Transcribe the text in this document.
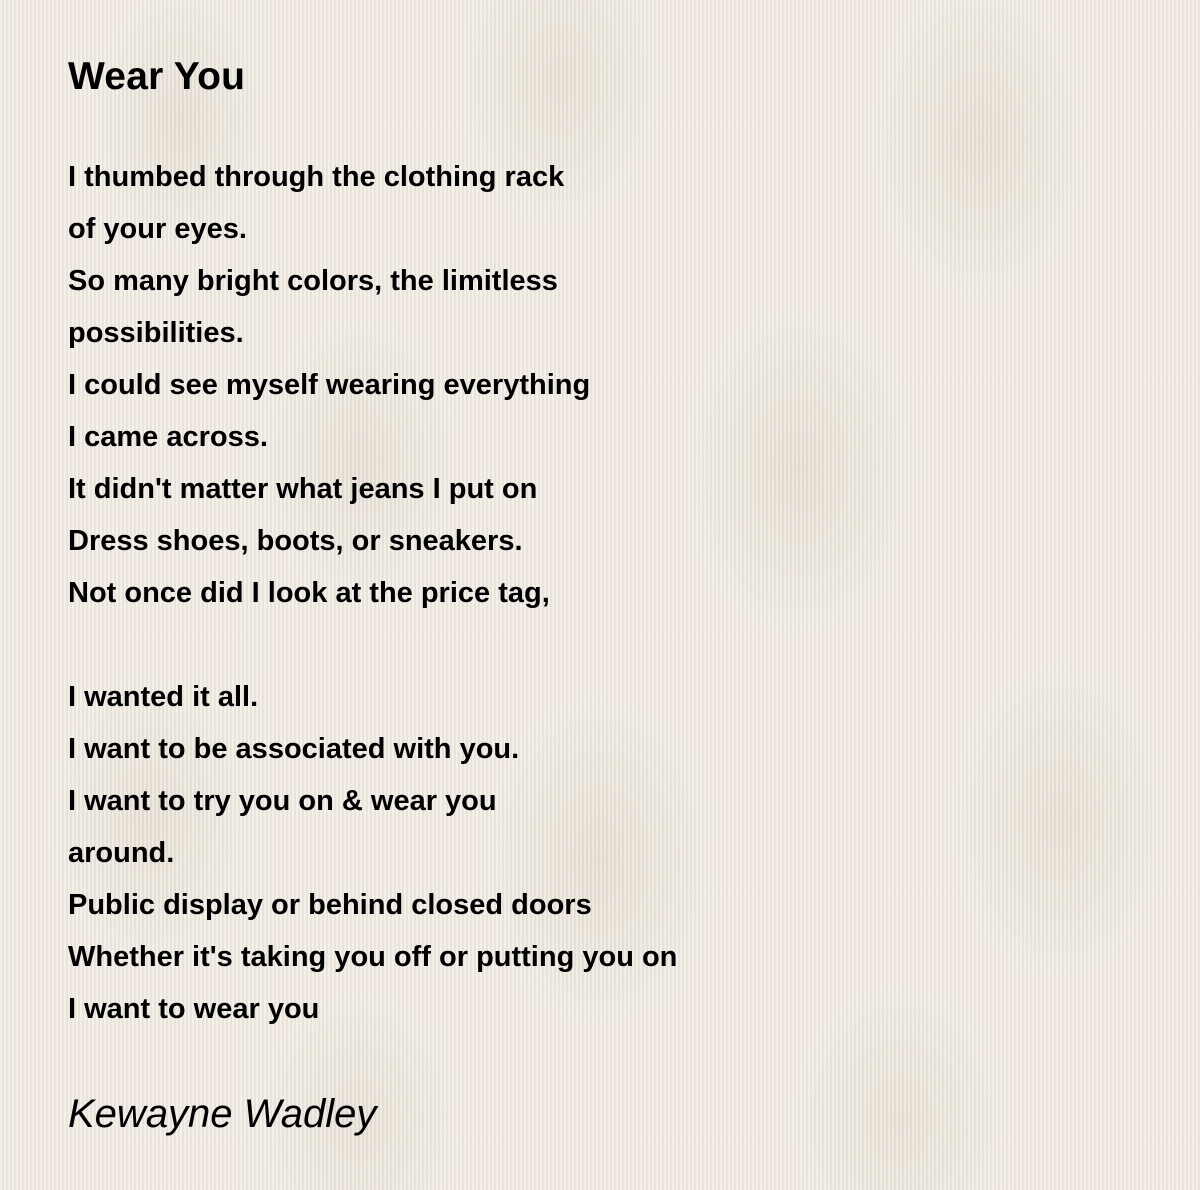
Wear You
I thumbed through the clothing rack
of your eyes.
So many bright colors, the limitless
possibilities.
I could see myself wearing everything
I came across.
It didn't matter what jeans I put on
Dress shoes, boots, or sneakers.
Not once did I look at the price tag,
I wanted it all.
I want to be associated with you.
I want to try you on & wear you
around.
Public display or behind closed doors
Whether it's taking you off or putting you on
I want to wear you

Kewayne Wadley
